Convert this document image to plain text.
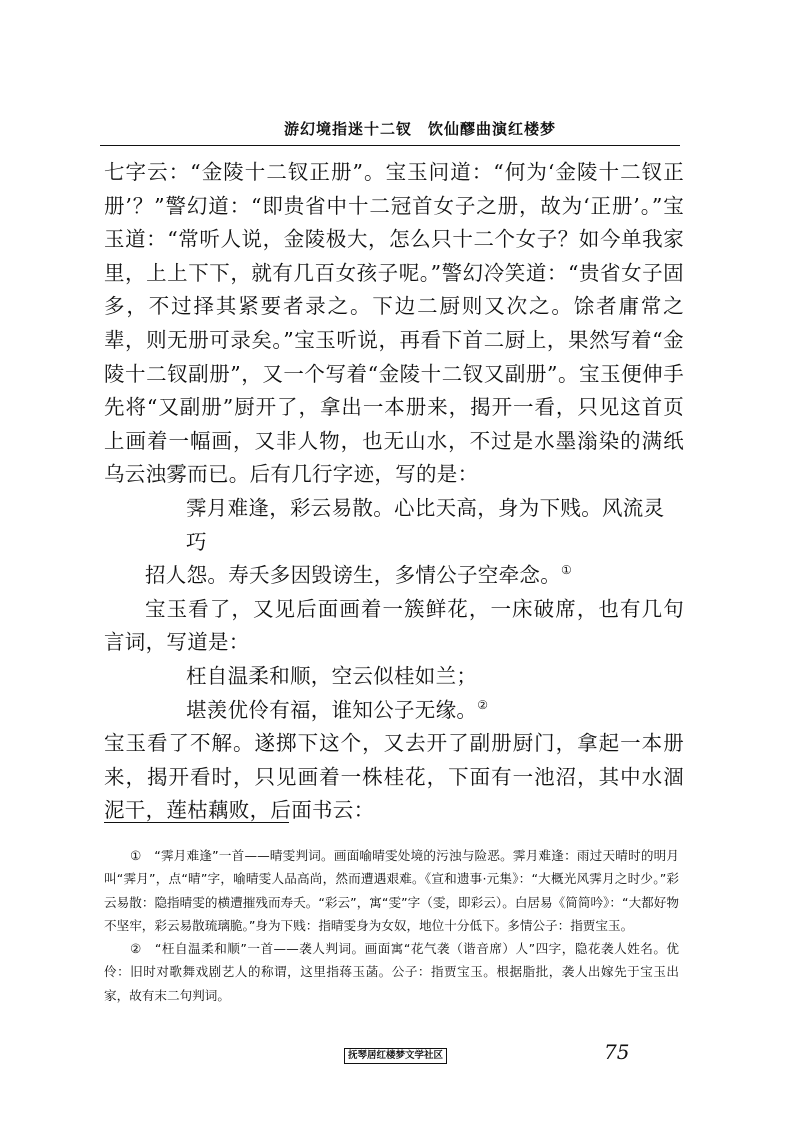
游幻境指迷十二钗　饮仙醪曲演红楼梦

七字云：“金陵十二钗正册”。宝玉问道：“何为‘金陵十二钗正册’？”警幻道：“即贵省中十二冠首女子之册，故为‘正册’。”宝玉道：“常听人说，金陵极大，怎么只十二个女子？如今单我家里，上上下下，就有几百女孩子呢。”警幻冷笑道：“贵省女子固多，不过择其紧要者录之。下边二厨则又次之。馀者庸常之辈，则无册可录矣。”宝玉听说，再看下首二厨上，果然写着“金陵十二钗副册”，又一个写着“金陵十二钗又副册”。宝玉便伸手先将“又副册”厨开了，拿出一本册来，揭开一看，只见这首页上画着一幅画，又非人物，也无山水，不过是水墨滃染的满纸乌云浊雾而已。后有几行字迹，写的是：

霁月难逢，彩云易散。心比天高，身为下贱。风流灵巧

招人怨。寿夭多因毁谤生，多情公子空牵念。①

宝玉看了，又见后面画着一簇鲜花，一床破席，也有几句言词，写道是：

枉自温柔和顺，空云似桂如兰；

堪羡优伶有福，谁知公子无缘。②

宝玉看了不解。遂掷下这个，又去开了副册厨门，拿起一本册来，揭开看时，只见画着一株桂花，下面有一池沼，其中水涸泥干，莲枯藕败，后面书云：

①　“霁月难逢”一首——晴雯判词。画面喻晴雯处境的污浊与险恶。霁月难逢：雨过天晴时的明月叫“霁月”，点“晴”字，喻晴雯人品高尚，然而遭遇艰难。《宣和遗事·元集》：“大概光风霁月之时少。”彩云易散：隐指晴雯的横遭摧残而寿夭。“彩云”，寓“雯”字（雯，即彩云）。白居易《简简吟》：“大都好物不坚牢，彩云易散琉璃脆。”身为下贱：指晴雯身为女奴，地位十分低下。多情公子：指贾宝玉。

②　“枉自温柔和顺”一首——袭人判词。画面寓“花气袭（谐音席）人”四字，隐花袭人姓名。优伶：旧时对歌舞戏剧艺人的称谓，这里指蒋玉菡。公子：指贾宝玉。根据脂批，袭人出嫁先于宝玉出家，故有末二句判词。

抚琴居红楼梦文学社区	75
